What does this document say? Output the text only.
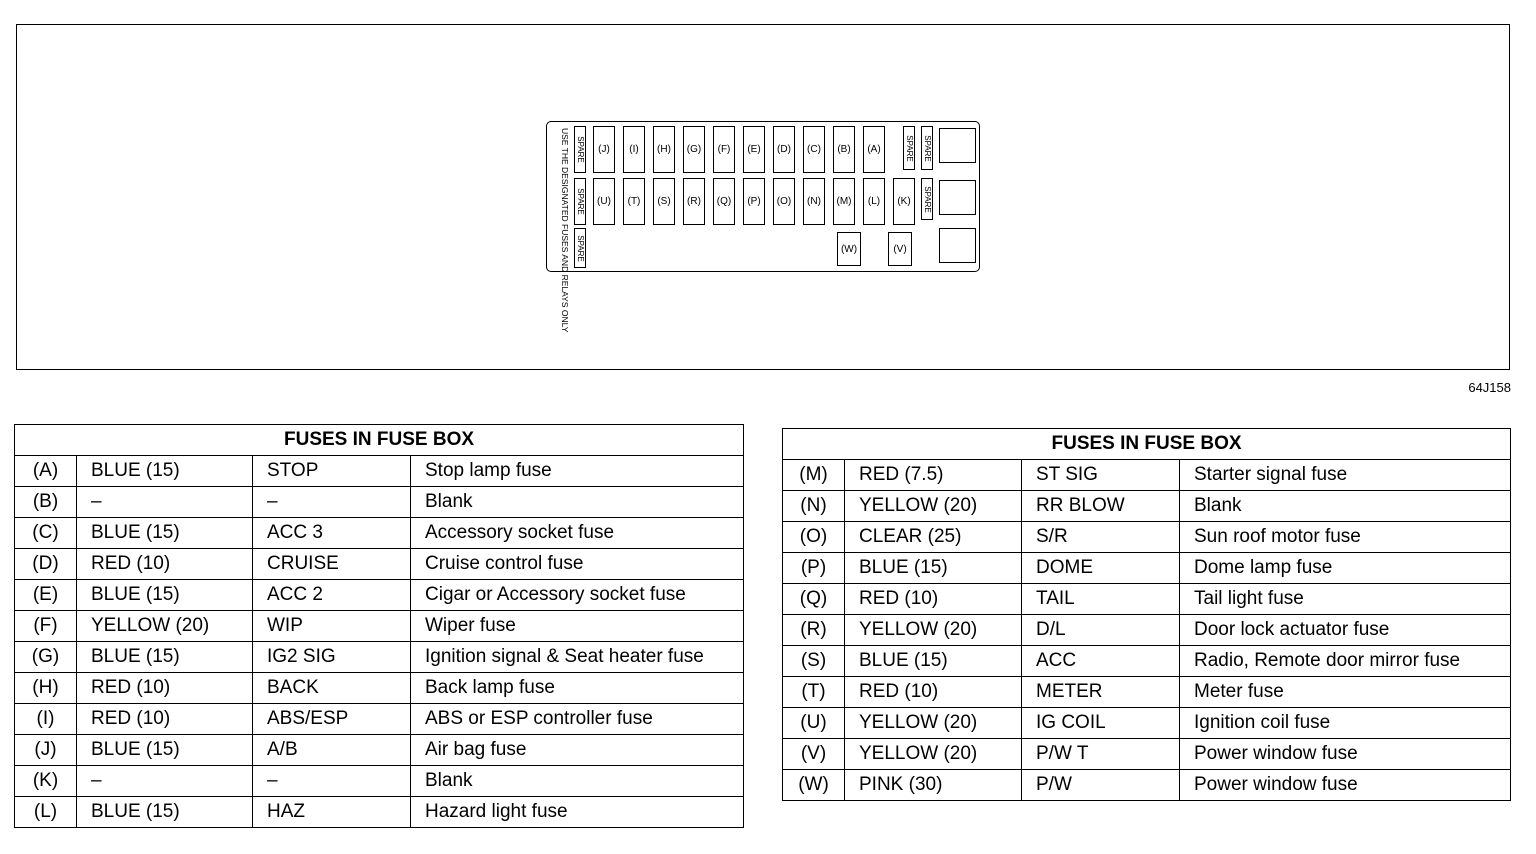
64J158
USE THE DESIGNATED FUSES AND RELAYS ONLY	(J)	(I)	(H)	(G)	(F)	(E)	(D)	(C)	(B)	(A)
(U)	(T)	(S)	(R)	(Q)	(P)	(O)	(N)	(M)	(L)	(K)
(W)	(V)
SPARE
SPARE
SPARE
SPARE SPARE
SPARE
FUSES IN FUSE BOX			
(A)	BLUE (15)	STOP	Stop lamp fuse
(B)	–	–	Blank
(C)	BLUE (15)	ACC 3	Accessory socket fuse
(D)	RED (10)	CRUISE	Cruise control fuse
(E)	BLUE (15)	ACC 2	Cigar or Accessory socket fuse
(F)	YELLOW (20)	WIP	Wiper fuse
(G)	BLUE (15)	IG2 SIG	Ignition signal & Seat heater fuse
(H)	RED (10)	BACK	Back lamp fuse
(I)	RED (10)	ABS/ESP	ABS or ESP controller fuse
(J)	BLUE (15)	A/B	Air bag fuse
(K)	–	–	Blank
(L)	BLUE (15)	HAZ	Hazard light fuse
FUSES IN FUSE BOX			
(M)	RED (7.5)	ST SIG	Starter signal fuse
(N)	YELLOW (20)	RR BLOW	Blank
(O)	CLEAR (25)	S/R	Sun roof motor fuse
(P)	BLUE (15)	DOME	Dome lamp fuse
(Q)	RED (10)	TAIL	Tail light fuse
(R)	YELLOW (20)	D/L	Door lock actuator fuse
(S)	BLUE (15)	ACC	Radio, Remote door mirror fuse
(T)	RED (10)	METER	Meter fuse
(U)	YELLOW (20)	IG COIL	Ignition coil fuse
(V)	YELLOW (20)	P/W T	Power window fuse
(W)	PINK (30)	P/W	Power window fuse
